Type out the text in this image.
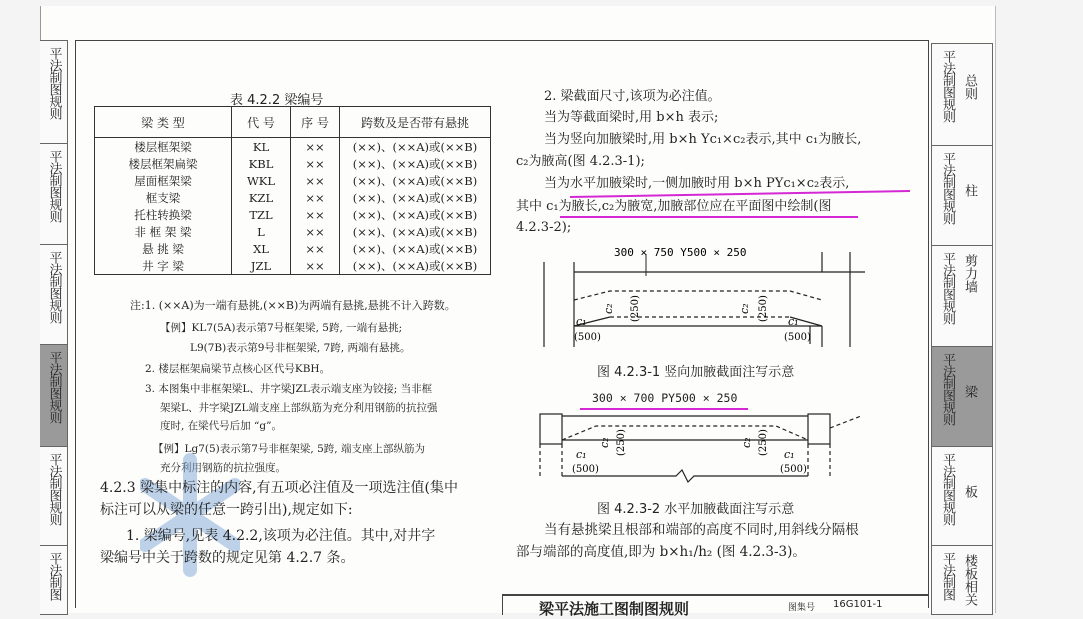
表 4.2.2 梁编号
梁 类 型	代 号	序 号	跨数及是否带有悬挑
楼层框架梁	KL	××	(××)、(××A)或(××B)
楼层框架扁梁	KBL	××	(××)、(××A)或(××B)
屋面框架梁	WKL	××	(××)、(××A)或(××B)
框支梁	KZL	××	(××)、(××A)或(××B)
托柱转换梁	TZL	××	(××)、(××A)或(××B)
非 框 架 梁	L	××	(××)、(××A)或(××B)
悬 挑 梁	XL	××	(××)、(××A)或(××B)
井 字 梁	JZL	××	(××)、(××A)或(××B)
注:1. (××A)为一端有悬挑,(××B)为两端有悬挑,悬挑不计入跨数。
【例】KL7(5A)表示第7号框架梁, 5跨, 一端有悬挑;
L9(7B)表示第9号非框架梁, 7跨, 两端有悬挑。
2. 楼层框架扁梁节点核心区代号KBH。
3. 本图集中非框架梁L、井字梁JZL表示端支座为铰接; 当非框
架梁L、井字梁JZL端支座上部纵筋为充分利用钢筋的抗拉强
度时, 在梁代号后加 “g”。
【例】Lg7(5)表示第7号非框架梁, 5跨, 端支座上部纵筋为
充分利用钢筋的抗拉强度。
4.2.3 梁集中标注的内容,有五项必注值及一项选注值(集中
标注可以从梁的任意一跨引出),规定如下:
1. 梁编号,见表 4.2.2,该项为必注值。其中,对井字
梁编号中关于跨数的规定见第 4.2.7 条。
2. 梁截面尺寸,该项为必注值。
当为等截面梁时,用 b×h 表示;
当为竖向加腋梁时,用 b×h Yc₁×c₂表示,其中 c₁为腋长,
c₂为腋高(图 4.2.3-1);
当为水平加腋梁时,一侧加腋时用 b×h PYc₁×c₂表示,
其中 c₁为腋长,c₂为腋宽,加腋部位应在平面图中绘制(图
4.2.3-2);
300 × 750 Y500 × 250
c₁
(500)
c₁
(500)
c₂ (250)	c₂ (250)
图 4.2.3-1 竖向加腋截面注写示意
300 × 700 PY500 × 250
c₁
(500)
c₁
(500)
c₂ (250)	c₂ (250)
图 4.2.3-2 水平加腋截面注写示意
当有悬挑梁且根部和端部的高度不同时,用斜线分隔根
部与端部的高度值,即为 b×h₁/h₂ (图 4.2.3-3)。
梁平法施工图制图规则	图集号 16G101-1
平法制图规则
平法制图规则
平法制图规则
平法制图规则
平法制图规则
平法制图
平法制图规则 总则
平法制图规则 柱
平法制图规则 剪力墙
平法制图规则 梁
平法制图规则 板
平法制图 楼板相关
